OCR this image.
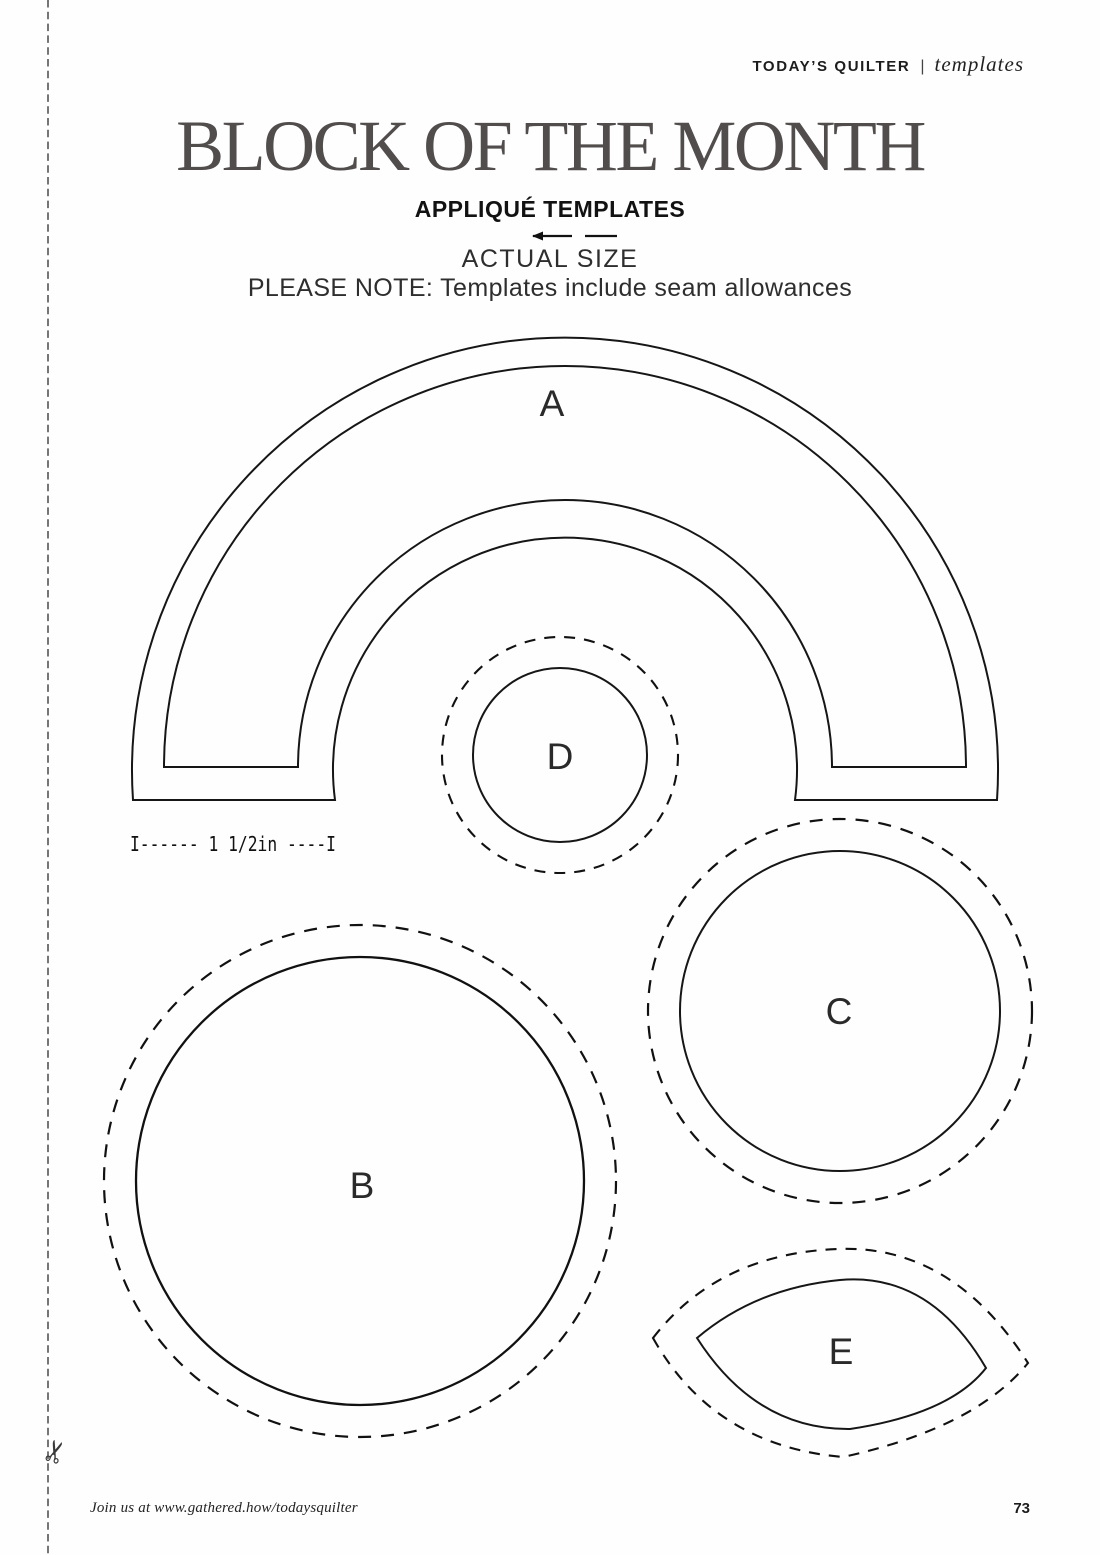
A
D
I------ 1 1/2in ----I
B
C
E
TODAY’S QUILTER | templates
BLOCK OF THE MONTH
APPLIQUÉ TEMPLATES
ACTUAL SIZE
PLEASE NOTE: Templates include seam allowances
✂
Join us at www.gathered.how/todaysquilter	73
